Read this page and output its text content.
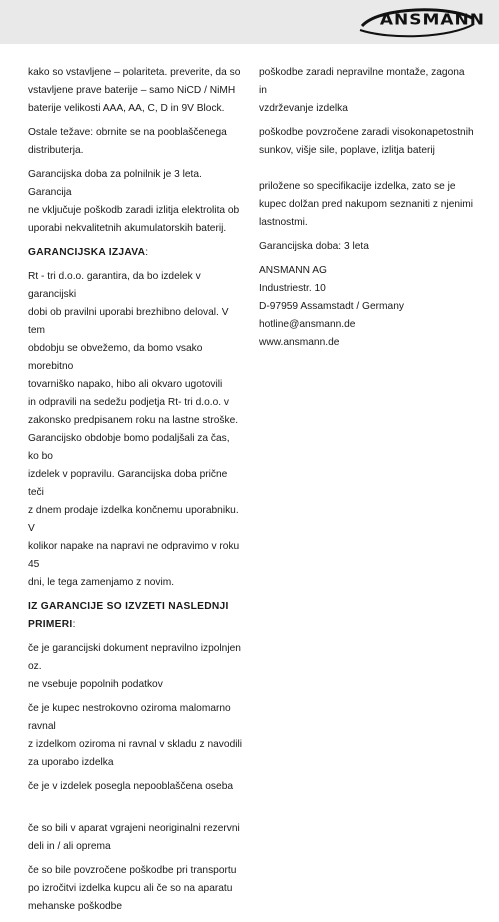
ANSMANN

kako so vstavljene – polariteta. preverite, da so
vstavljene prave baterije – samo NiCD / NiMH
baterije velikosti AAA, AA, C, D in 9V Block.

Ostale težave: obrnite se na pooblaščenega
distributerja.

Garancijska doba za polnilnik je 3 leta. Garancija
ne vključuje poškodb zaradi izlitja elektrolita ob
uporabi nekvalitetnih akumulatorskih baterij.

GARANCIJSKA IZJAVA:

Rt - tri d.o.o. garantira, da bo izdelek v garancijski
dobi ob pravilni uporabi brezhibno deloval. V tem
obdobju se obvežemo, da bomo vsako morebitno
tovarniško napako, hibo ali okvaro ugotovili
in odpravili na sedežu podjetja Rt- tri d.o.o. v
zakonsko predpisanem roku na lastne stroške.
Garancijsko obdobje bomo podaljšali za čas, ko bo
izdelek v popravilu. Garancijska doba prične teči
z dnem prodaje izdelka končnemu uporabniku. V
kolikor napake na napravi ne odpravimo v roku 45
dni, le tega zamenjamo z novim.

IZ GARANCIJE SO IZVZETI NASLEDNJI
PRIMERI:

če je garancijski dokument nepravilno izpolnjen oz.
ne vsebuje popolnih podatkov

če je kupec nestrokovno oziroma malomarno ravnal
z izdelkom oziroma ni ravnal v skladu z navodili
za uporabo izdelka

če je v izdelek posegla nepooblaščena oseba

če so bili v aparat vgrajeni neoriginalni rezervni
deli in / ali oprema

če so bile povzročene poškodbe pri transportu
po izročitvi izdelka kupcu ali če so na aparatu
mehanske poškodbe

poškodbe zaradi nepravilne montaže, zagona in
vzdrževanje izdelka

poškodbe povzročene zaradi visokonapetostnih
sunkov, višje sile, poplave, izlitja baterij

priložene so specifikacije izdelka, zato se je
kupec dolžan pred nakupom seznaniti z njenimi
lastnostmi.

Garancijska doba: 3 leta

ANSMANN AG

Industriestr. 10

D-97959 Assamstadt / Germany

hotline@ansmann.de

www.ansmann.de
